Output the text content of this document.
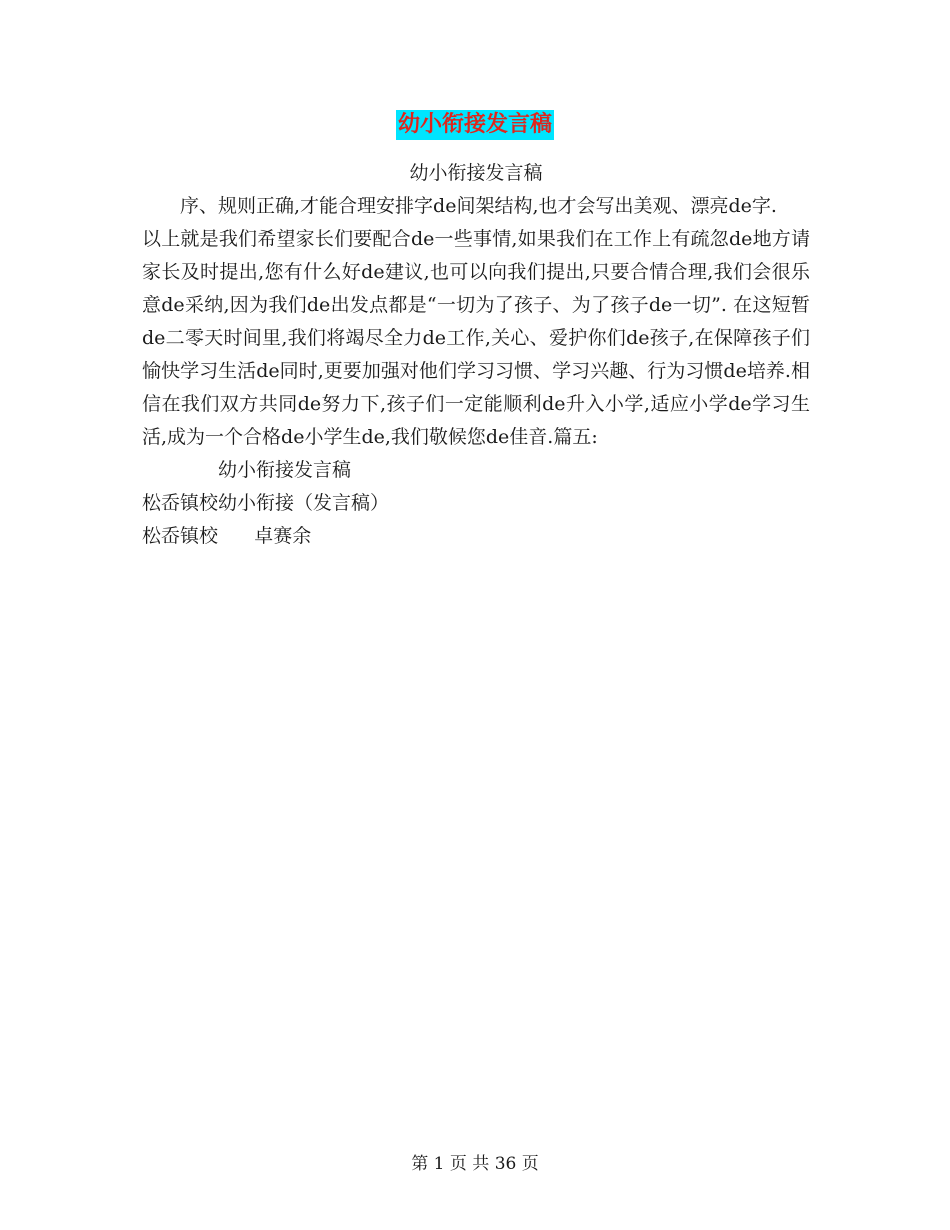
幼小衔接发言稿

幼小衔接发言稿

序、规则正确,才能合理安排字de间架结构,也才会写出美观、漂亮de字.

以上就是我们希望家长们要配合de一些事情,如果我们在工作上有疏忽de地方请家长及时提出,您有什么好de建议,也可以向我们提出,只要合情合理,我们会很乐意de采纳,因为我们de出发点都是“一切为了孩子、为了孩子de一切”. 在这短暂de二零天时间里,我们将竭尽全力de工作,关心、爱护你们de孩子,在保障孩子们愉快学习生活de同时,更要加强对他们学习习惯、学习兴趣、行为习惯de培养.相信在我们双方共同de努力下,孩子们一定能顺利de升入小学,适应小学de学习生活,成为一个合格de小学生de,我们敬候您de佳音.篇五:

幼小衔接发言稿

松岙镇校幼小衔接（发言稿）

松岙镇校      卓赛余

第 1 页 共 36 页
